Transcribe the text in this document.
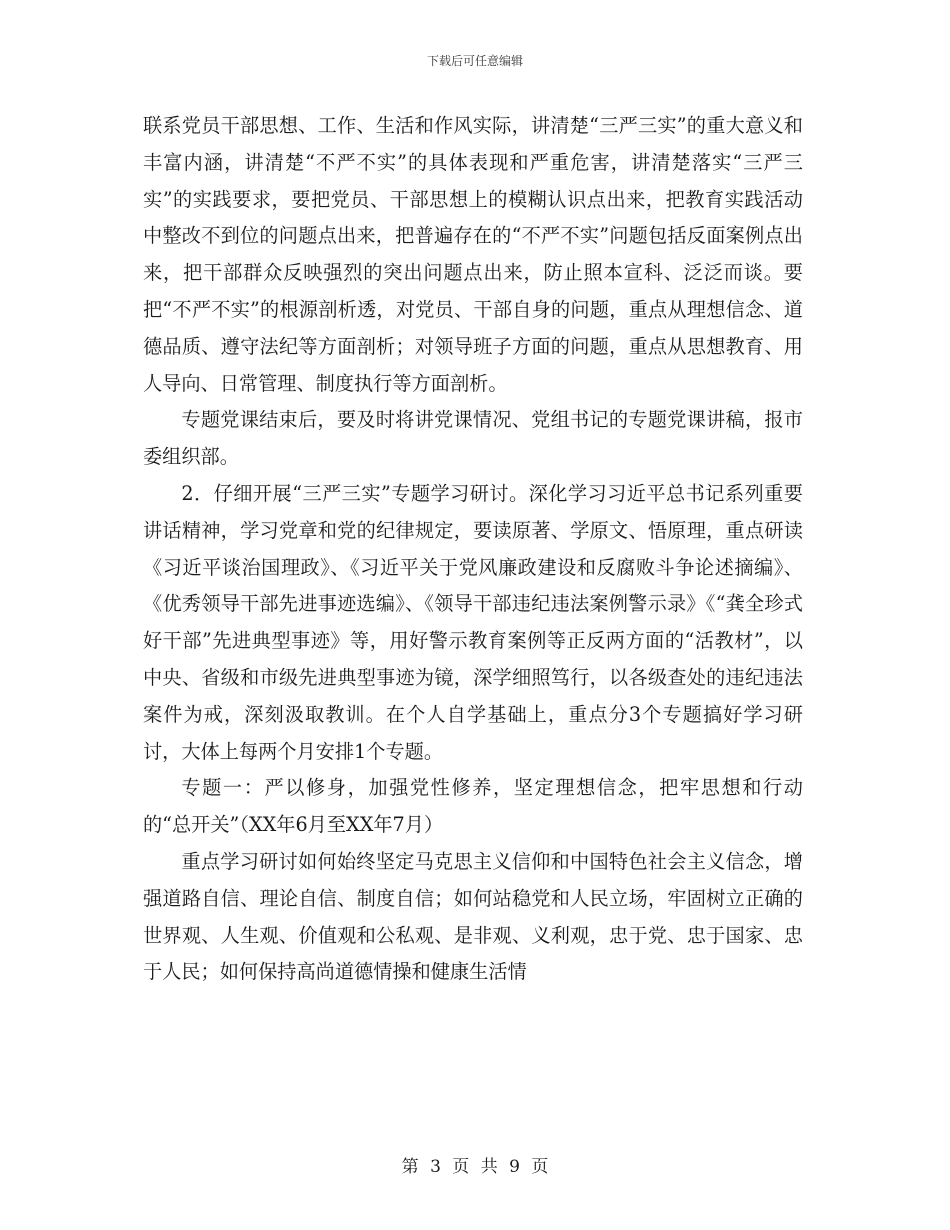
下载后可任意编辑

联系党员干部思想、工作、生活和作风实际，讲清楚“三严三实”的重大意义和丰富内涵，讲清楚“不严不实”的具体表现和严重危害，讲清楚落实“三严三实”的实践要求，要把党员、干部思想上的模糊认识点出来，把教育实践活动中整改不到位的问题点出来，把普遍存在的“不严不实”问题包括反面案例点出来，把干部群众反映强烈的突出问题点出来，防止照本宣科、泛泛而谈。要把“不严不实”的根源剖析透，对党员、干部自身的问题，重点从理想信念、道德品质、遵守法纪等方面剖析；对领导班子方面的问题，重点从思想教育、用人导向、日常管理、制度执行等方面剖析。

专题党课结束后，要及时将讲党课情况、党组书记的专题党课讲稿，报市委组织部。

2．仔细开展“三严三实”专题学习研讨。深化学习习近平总书记系列重要讲话精神，学习党章和党的纪律规定，要读原著、学原文、悟原理，重点研读《习近平谈治国理政》、《习近平关于党风廉政建设和反腐败斗争论述摘编》、《优秀领导干部先进事迹选编》、《领导干部违纪违法案例警示录》《“龚全珍式好干部”先进典型事迹》等，用好警示教育案例等正反两方面的“活教材”，以中央、省级和市级先进典型事迹为镜，深学细照笃行，以各级查处的违纪违法案件为戒，深刻汲取教训。在个人自学基础上，重点分3个专题搞好学习研讨，大体上每两个月安排1个专题。

专题一：严以修身，加强党性修养，坚定理想信念，把牢思想和行动的“总开关”（XX年6月至XX年7月）

重点学习研讨如何始终坚定马克思主义信仰和中国特色社会主义信念，增强道路自信、理论自信、制度自信；如何站稳党和人民立场，牢固树立正确的世界观、人生观、价值观和公私观、是非观、义利观，忠于党、忠于国家、忠于人民；如何保持高尚道德情操和健康生活情

第 3 页 共 9 页
